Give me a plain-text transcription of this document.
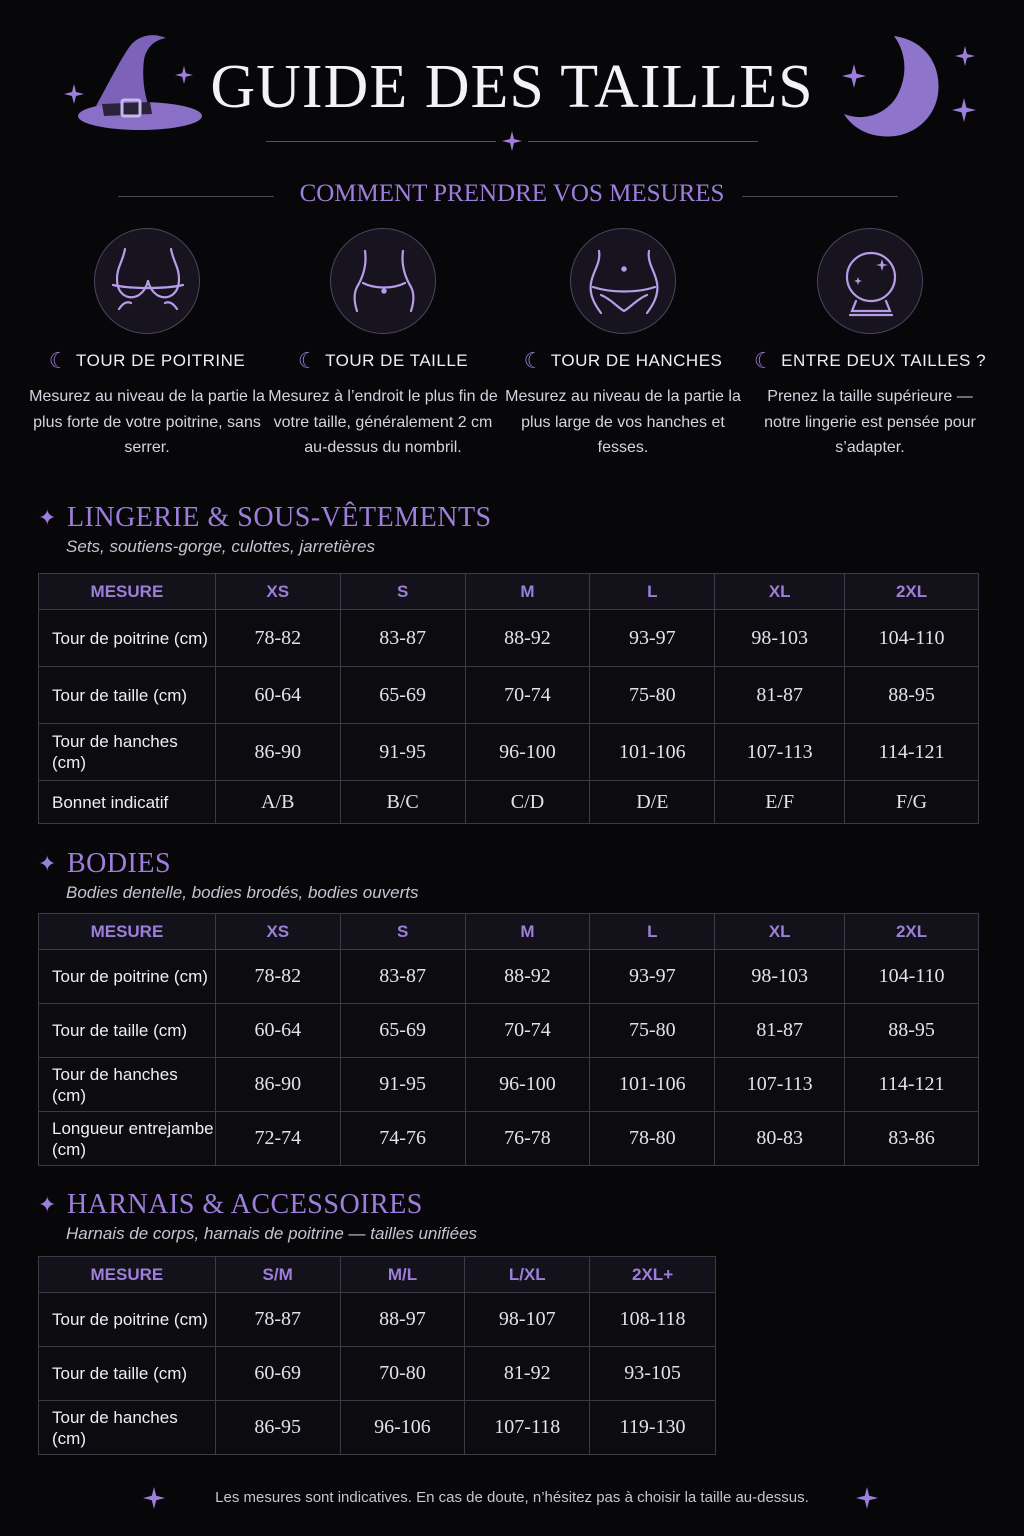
GUIDE DES TAILLES
COMMENT PRENDRE VOS MESURES
☾ TOUR DE POITRINE
Mesurez au niveau de la partie la plus forte de votre poitrine, sans serrer.
☾ TOUR DE TAILLE
Mesurez à l’endroit le plus fin de votre taille, généralement 2 cm au-dessus du nombril.
☾ TOUR DE HANCHES
Mesurez au niveau de la partie la plus large de vos hanches et fesses.
☾ ENTRE DEUX TAILLES ?
Prenez la taille supérieure — notre lingerie est pensée pour s’adapter.
✦ LINGERIE & SOUS-VÊTEMENTS
Sets, soutiens-gorge, culottes, jarretières
MESURE	XS	S	M	L	XL	2XL
Tour de poitrine (cm)	78-82	83-87	88-92	93-97	98-103	104-110
Tour de taille (cm)	60-64	65-69	70-74	75-80	81-87	88-95
Tour de hanches (cm)	86-90	91-95	96-100	101-106	107-113	114-121
Bonnet indicatif	A/B	B/C	C/D	D/E	E/F	F/G
✦ BODIES
Bodies dentelle, bodies brodés, bodies ouverts
MESURE	XS	S	M	L	XL	2XL
Tour de poitrine (cm)	78-82	83-87	88-92	93-97	98-103	104-110
Tour de taille (cm)	60-64	65-69	70-74	75-80	81-87	88-95
Tour de hanches (cm)	86-90	91-95	96-100	101-106	107-113	114-121
Longueur entrejambe (cm)	72-74	74-76	76-78	78-80	80-83	83-86
✦ HARNAIS & ACCESSOIRES
Harnais de corps, harnais de poitrine — tailles unifiées
MESURE	S/M	M/L	L/XL	2XL+
Tour de poitrine (cm)	78-87	88-97	98-107	108-118
Tour de taille (cm)	60-69	70-80	81-92	93-105
Tour de hanches (cm)	86-95	96-106	107-118	119-130
Les mesures sont indicatives. En cas de doute, n’hésitez pas à choisir la taille au-dessus.
